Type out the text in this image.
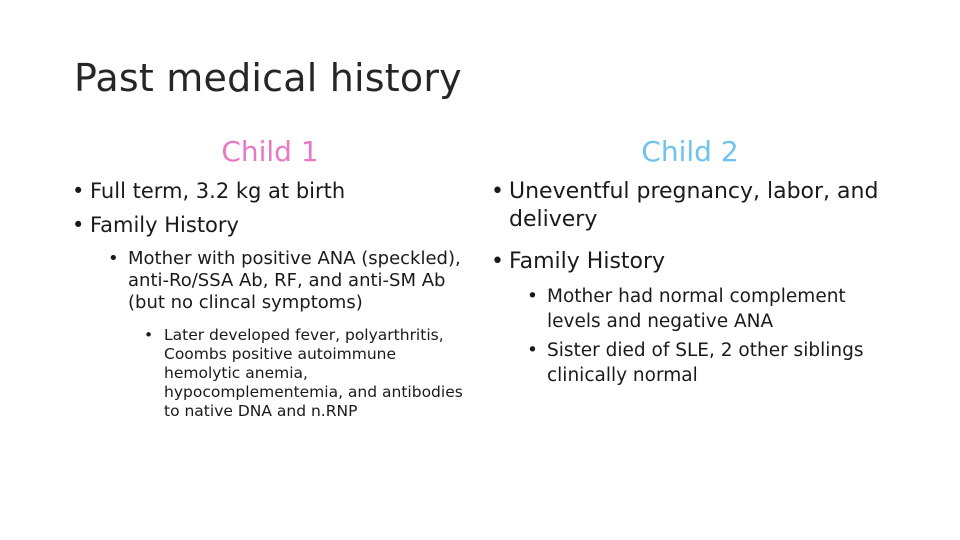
Past medical history
Child 1	Child 2
• Full term, 3.2 kg at birth
• Family History
• Mother with positive ANA (speckled), anti-Ro/SSA Ab, RF, and anti-SM Ab (but no clincal symptoms)
• Later developed fever, polyarthritis, Coombs positive autoimmune hemolytic anemia, hypocomplementemia, and antibodies to native DNA and n.RNP
• Uneventful pregnancy, labor, and delivery
• Family History
• Mother had normal complement levels and negative ANA
• Sister died of SLE, 2 other siblings clinically normal
